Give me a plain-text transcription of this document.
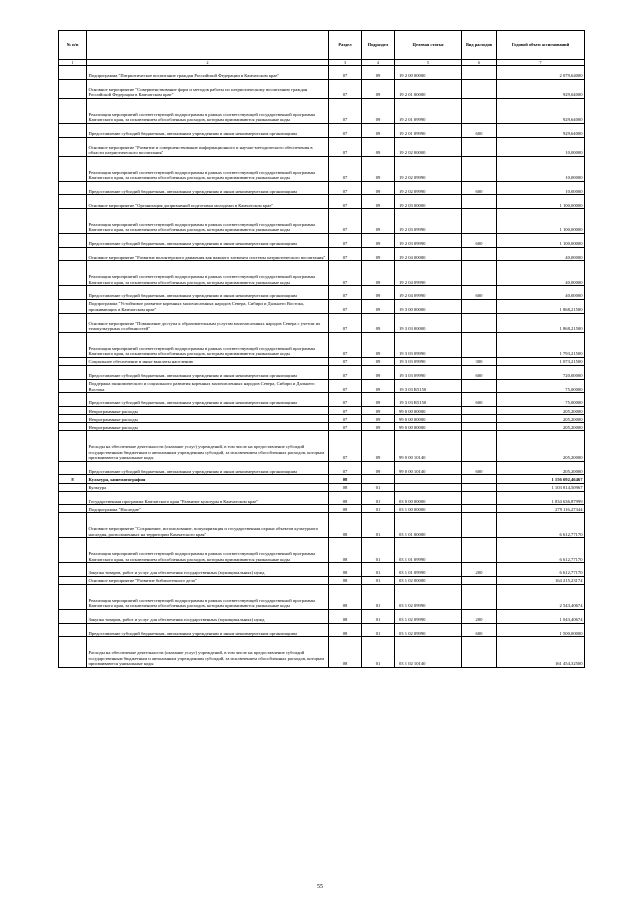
№ п/п		Раздел	Подраздел	Целевая статья	Вид расходов	Годовой объем ассигнований
1	2	3	4	5	6	7
	Подпрограмма "Патриотическое воспитание граждан Российской Федерации в Камчатском крае"	07	09	19 2 00 00000		2 079,64000
	Основное мероприятие "Совершенствование форм и методов работы по патриотическому воспитанию граждан Российской Федерации в Камчатском крае"	07	09	19 2 01 00000		929,64000
	Реализация мероприятий соответствующей подпрограммы в рамках соответствующей государственной программы Камчатского края, за исключением обособленных расходов, которым присваиваются уникальные коды	07	09	19 2 01 09990		929,64000
	Предоставление субсидий бюджетным, автономным учреждениям и иным некоммерческим организациям	07	09	19 2 01 09990	600	929,64000
	Основное мероприятие "Развитие и совершенствование информационного и научно-методического обеспечения в области патриотического воспитания"	07	09	19 2 02 00000		10,00000
	Реализация мероприятий соответствующей подпрограммы в рамках соответствующей государственной программы Камчатского края, за исключением обособленных расходов, которым присваиваются уникальные коды	07	09	19 2 02 09990		10,00000
	Предоставление субсидий бюджетным, автономным учреждениям и иным некоммерческим организациям	07	09	19 2 02 09990	600	10,00000
	Основное мероприятие "Организация допризывной подготовки молодежи в Камчатском крае"	07	09	19 2 03 00000		1 100,00000
	Реализация мероприятий соответствующей подпрограммы в рамках соответствующей государственной программы Камчатского края, за исключением обособленных расходов, которым присваиваются уникальные коды	07	09	19 2 03 09990		1 100,00000
	Предоставление субсидий бюджетным, автономным учреждениям и иным некоммерческим организациям	07	09	19 2 03 09990	600	1 100,00000
	Основное мероприятие "Развитие волонтерского движения как важного элемента системы патриотического воспитания"	07	09	19 2 04 00000		40,00000
	Реализация мероприятий соответствующей подпрограммы в рамках соответствующей государственной программы Камчатского края, за исключением обособленных расходов, которым присваиваются уникальные коды	07	09	19 2 04 09990		40,00000
	Предоставление субсидий бюджетным, автономным учреждениям и иным некоммерческим организациям	07	09	19 2 04 09990	600	40,00000
	Подпрограмма "Устойчивое развитие коренных малочисленных народов Севера, Сибири и Дальнего Востока, проживающих в Камчатском крае"	07	09	19 3 00 00000		1 868,21500
	Основное мероприятие "Повышение доступа к образовательным услугам малочисленных народов Севера с учетом их этнокультурных особенностей"	07	09	19 3 03 00000		1 868,21500
	Реализация мероприятий соответствующей подпрограммы в рамках соответствующей государственной программы Камчатского края, за исключением обособленных расходов, которым присваиваются уникальные коды	07	09	19 3 03 09990		1 793,21500
	Социальное обеспечение и иные выплаты населению	07	09	19 3 03 09990	300	1 073,21500
	Предоставление субсидий бюджетным, автономным учреждениям и иным некоммерческим организациям	07	09	19 3 03 09990	600	720,00000
	Поддержка экономического и социального развития коренных малочисленных народов Севера, Сибири и Дальнего Востока	07	09	19 3 03 R5150		75,00000
	Предоставление субсидий бюджетным, автономным учреждениям и иным некоммерческим организациям	07	09	19 3 03 R5150	600	75,00000
	Непрограммные расходы	07	09	99 0 00 00000		205,20000
	Непрограммные расходы	07	09	99 0 00 00000		205,20000
	Непрограммные расходы	07	09	99 0 00 00000		205,20000
	Расходы на обеспечение деятельности (оказание услуг) учреждений, в том числе на предоставление субсидий государственным бюджетным и автономным учреждениям субсидий, за исключением обособленных расходов, которым присваиваются уникальные коды	07	09	99 0 00 10140		205,20000
	Предоставление субсидий бюджетным, автономным учреждениям и иным некоммерческим организациям	07	09	99 0 00 10140	600	205,20000
8	Культура, кинематография	08				1 156 692,46467
	Культура	08	01			1 103 814,50967
	Государственная программа Камчатского края "Развитие культуры в Камчатском крае"	08	01	03 0 00 00000		1 034 636,87999
	Подпрограмма "Наследие"	08	01	03 1 00 00000		279 116,27344
	Основное мероприятие "Сохранение, использование, популяризация и государственная охрана объектов культурного наследия, расположенных на территории Камчатского края"	08	01	03 1 01 00000		6 612,77170
	Реализация мероприятий соответствующей подпрограммы в рамках соответствующей государственной программы Камчатского края, за исключением обособленных расходов, которым присваиваются уникальные коды	08	01	03 1 01 09990		6 612,77170
	Закупка товаров, работ и услуг для обеспечения государственных (муниципальных) нужд	08	01	03 1 01 09990	200	6 612,77170
	Основное мероприятие "Развитие библиотечного дела"	08	01	03 1 02 00000		164 215,23174
	Реализация мероприятий соответствующей подпрограммы в рамках соответствующей государственной программы Камчатского края, за исключением обособленных расходов, которым присваиваются уникальные коды	08	01	03 1 02 09990		2 543,40674
	Закупка товаров, работ и услуг для обеспечения государственных (муниципальных) нужд	08	01	03 1 02 09990	200	1 043,40674
	Предоставление субсидий бюджетным, автономным учреждениям и иным некоммерческим организациям	08	01	03 1 02 09990	600	1 500,00000
	Расходы на обеспечение деятельности (оказание услуг) учреждений, в том числе на предоставление субсидий государственным бюджетным и автономным учреждениям субсидий, за исключением обособленных расходов, которым присваиваются уникальные коды	08	01	03 1 02 10140		161 454,32500
55
